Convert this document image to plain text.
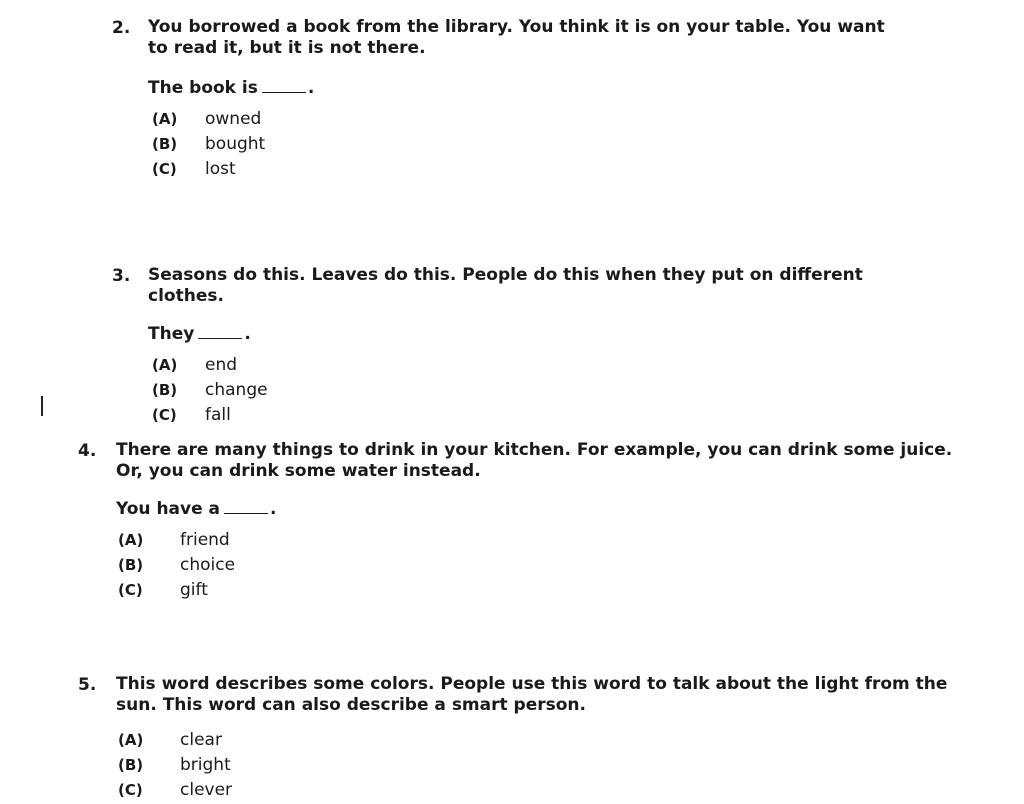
2. You borrowed a book from the library. You think it is on your table. You want to read it, but it is not there.

The book is	.
(A) owned
(B) bought
(C) lost
3. Seasons do this. Leaves do this. People do this when they put on different clothes.

They	.
(A) end
(B) change
(C) fall
4. There are many things to drink in your kitchen. For example, you can drink some juice. Or, you can drink some water instead.

You have a	.
(A) friend
(B) choice
(C) gift
5. This word describes some colors. People use this word to talk about the light from the sun. This word can also describe a smart person.

(A) clear
(B) bright
(C) clever
